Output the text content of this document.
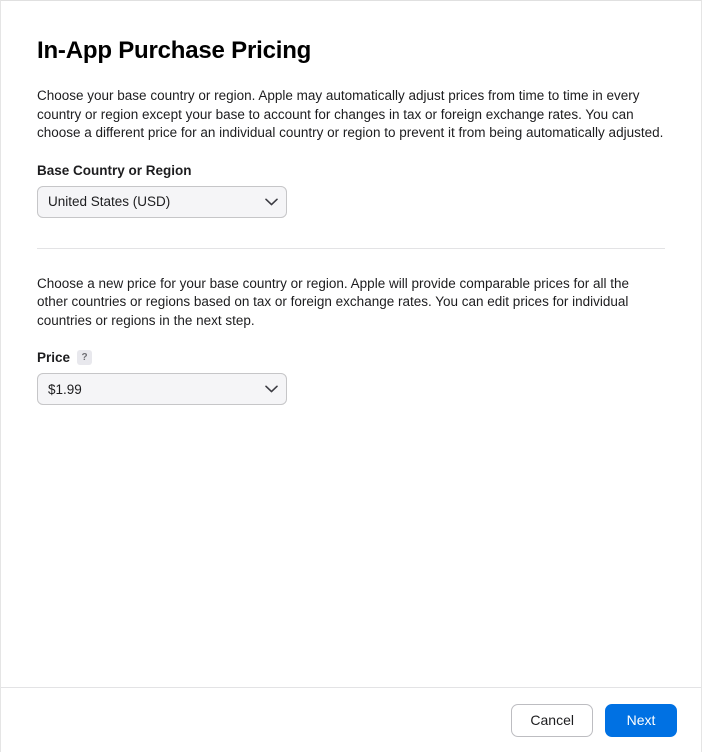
In-App Purchase Pricing

Choose your base country or region. Apple may automatically adjust prices from time to time in every country or region except your base to account for changes in tax or foreign exchange rates. You can choose a different price for an individual country or region to prevent it from being automatically adjusted.

Base Country or Region
United States (USD)

Choose a new price for your base country or region. Apple will provide comparable prices for all the other countries or regions based on tax or foreign exchange rates. You can edit prices for individual countries or regions in the next step.

Price	?
$1.99
Cancel	Next
